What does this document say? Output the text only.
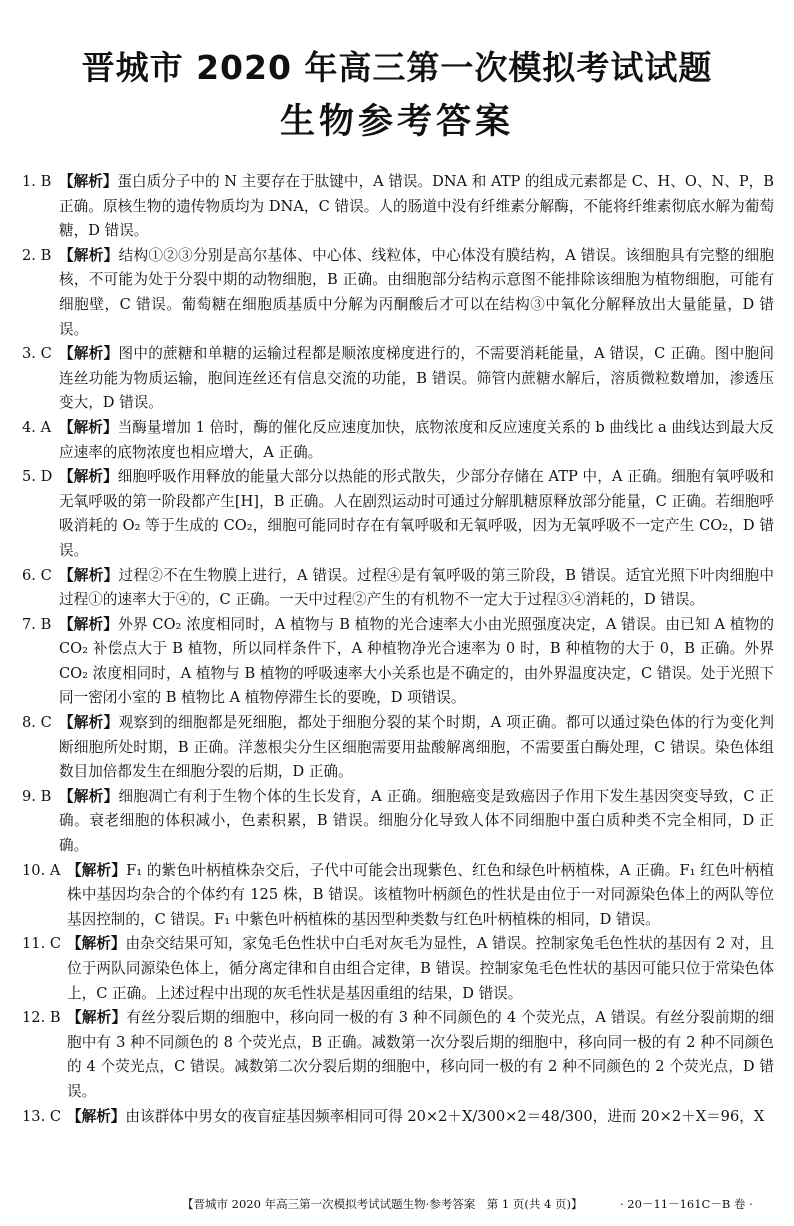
晋城市 2020 年高三第一次模拟考试试题
生物参考答案
1. B 【解析】蛋白质分子中的 N 主要存在于肽键中，A 错误。DNA 和 ATP 的组成元素都是 C、H、O、N、P，B 正确。原核生物的遗传物质均为 DNA，C 错误。人的肠道中没有纤维素分解酶，不能将纤维素彻底水解为葡萄糖，D 错误。
2. B 【解析】结构①②③分别是高尔基体、中心体、线粒体，中心体没有膜结构，A 错误。该细胞具有完整的细胞核，不可能为处于分裂中期的动物细胞，B 正确。由细胞部分结构示意图不能排除该细胞为植物细胞，可能有细胞壁，C 错误。葡萄糖在细胞质基质中分解为丙酮酸后才可以在结构③中氧化分解释放出大量能量，D 错误。
3. C 【解析】图中的蔗糖和单糖的运输过程都是顺浓度梯度进行的，不需要消耗能量，A 错误，C 正确。图中胞间连丝功能为物质运输，胞间连丝还有信息交流的功能，B 错误。筛管内蔗糖水解后，溶质微粒数增加，渗透压变大，D 错误。
4. A 【解析】当酶量增加 1 倍时，酶的催化反应速度加快，底物浓度和反应速度关系的 b 曲线比 a 曲线达到最大反应速率的底物浓度也相应增大，A 正确。
5. D 【解析】细胞呼吸作用释放的能量大部分以热能的形式散失，少部分存储在 ATP 中，A 正确。细胞有氧呼吸和无氧呼吸的第一阶段都产生[H]，B 正确。人在剧烈运动时可通过分解肌糖原释放部分能量，C 正确。若细胞呼吸消耗的 O₂ 等于生成的 CO₂，细胞可能同时存在有氧呼吸和无氧呼吸，因为无氧呼吸不一定产生 CO₂，D 错误。
6. C 【解析】过程②不在生物膜上进行，A 错误。过程④是有氧呼吸的第三阶段，B 错误。适宜光照下叶肉细胞中过程①的速率大于④的，C 正确。一天中过程②产生的有机物不一定大于过程③④消耗的，D 错误。
7. B 【解析】外界 CO₂ 浓度相同时，A 植物与 B 植物的光合速率大小由光照强度决定，A 错误。由已知 A 植物的 CO₂ 补偿点大于 B 植物，所以同样条件下，A 种植物净光合速率为 0 时，B 种植物的大于 0，B 正确。外界 CO₂ 浓度相同时，A 植物与 B 植物的呼吸速率大小关系也是不确定的，由外界温度决定，C 错误。处于光照下同一密闭小室的 B 植物比 A 植物停滞生长的要晚，D 项错误。
8. C 【解析】观察到的细胞都是死细胞，都处于细胞分裂的某个时期，A 项正确。都可以通过染色体的行为变化判断细胞所处时期，B 正确。洋葱根尖分生区细胞需要用盐酸解离细胞，不需要蛋白酶处理，C 错误。染色体组数目加倍都发生在细胞分裂的后期，D 正确。
9. B 【解析】细胞凋亡有利于生物个体的生长发育，A 正确。细胞癌变是致癌因子作用下发生基因突变导致，C 正确。衰老细胞的体积减小，色素积累，B 错误。细胞分化导致人体不同细胞中蛋白质种类不完全相同，D 正确。
10. A 【解析】F₁ 的紫色叶柄植株杂交后，子代中可能会出现紫色、红色和绿色叶柄植株，A 正确。F₁ 红色叶柄植株中基因均杂合的个体约有 125 株，B 错误。该植物叶柄颜色的性状是由位于一对同源染色体上的两队等位基因控制的，C 错误。F₁ 中紫色叶柄植株的基因型种类数与红色叶柄植株的相同，D 错误。
11. C 【解析】由杂交结果可知，家兔毛色性状中白毛对灰毛为显性，A 错误。控制家兔毛色性状的基因有 2 对，且位于两队同源染色体上，循分离定律和自由组合定律，B 错误。控制家兔毛色性状的基因可能只位于常染色体上，C 正确。上述过程中出现的灰毛性状是基因重组的结果，D 错误。
12. B 【解析】有丝分裂后期的细胞中，移向同一极的有 3 种不同颜色的 4 个荧光点，A 错误。有丝分裂前期的细胞中有 3 种不同颜色的 8 个荧光点，B 正确。减数第一次分裂后期的细胞中，移向同一极的有 2 种不同颜色的 4 个荧光点，C 错误。减数第二次分裂后期的细胞中，移向同一极的有 2 种不同颜色的 2 个荧光点，D 错误。
13. C 【解析】由该群体中男女的夜盲症基因频率相同可得 20×2＋X/300×2＝48/300，进而 20×2＋X＝96，X
【晋城市 2020 年高三第一次模拟考试试题生物·参考答案　第 1 页(共 4 页)】	· 20－11－161C－B 卷 ·
